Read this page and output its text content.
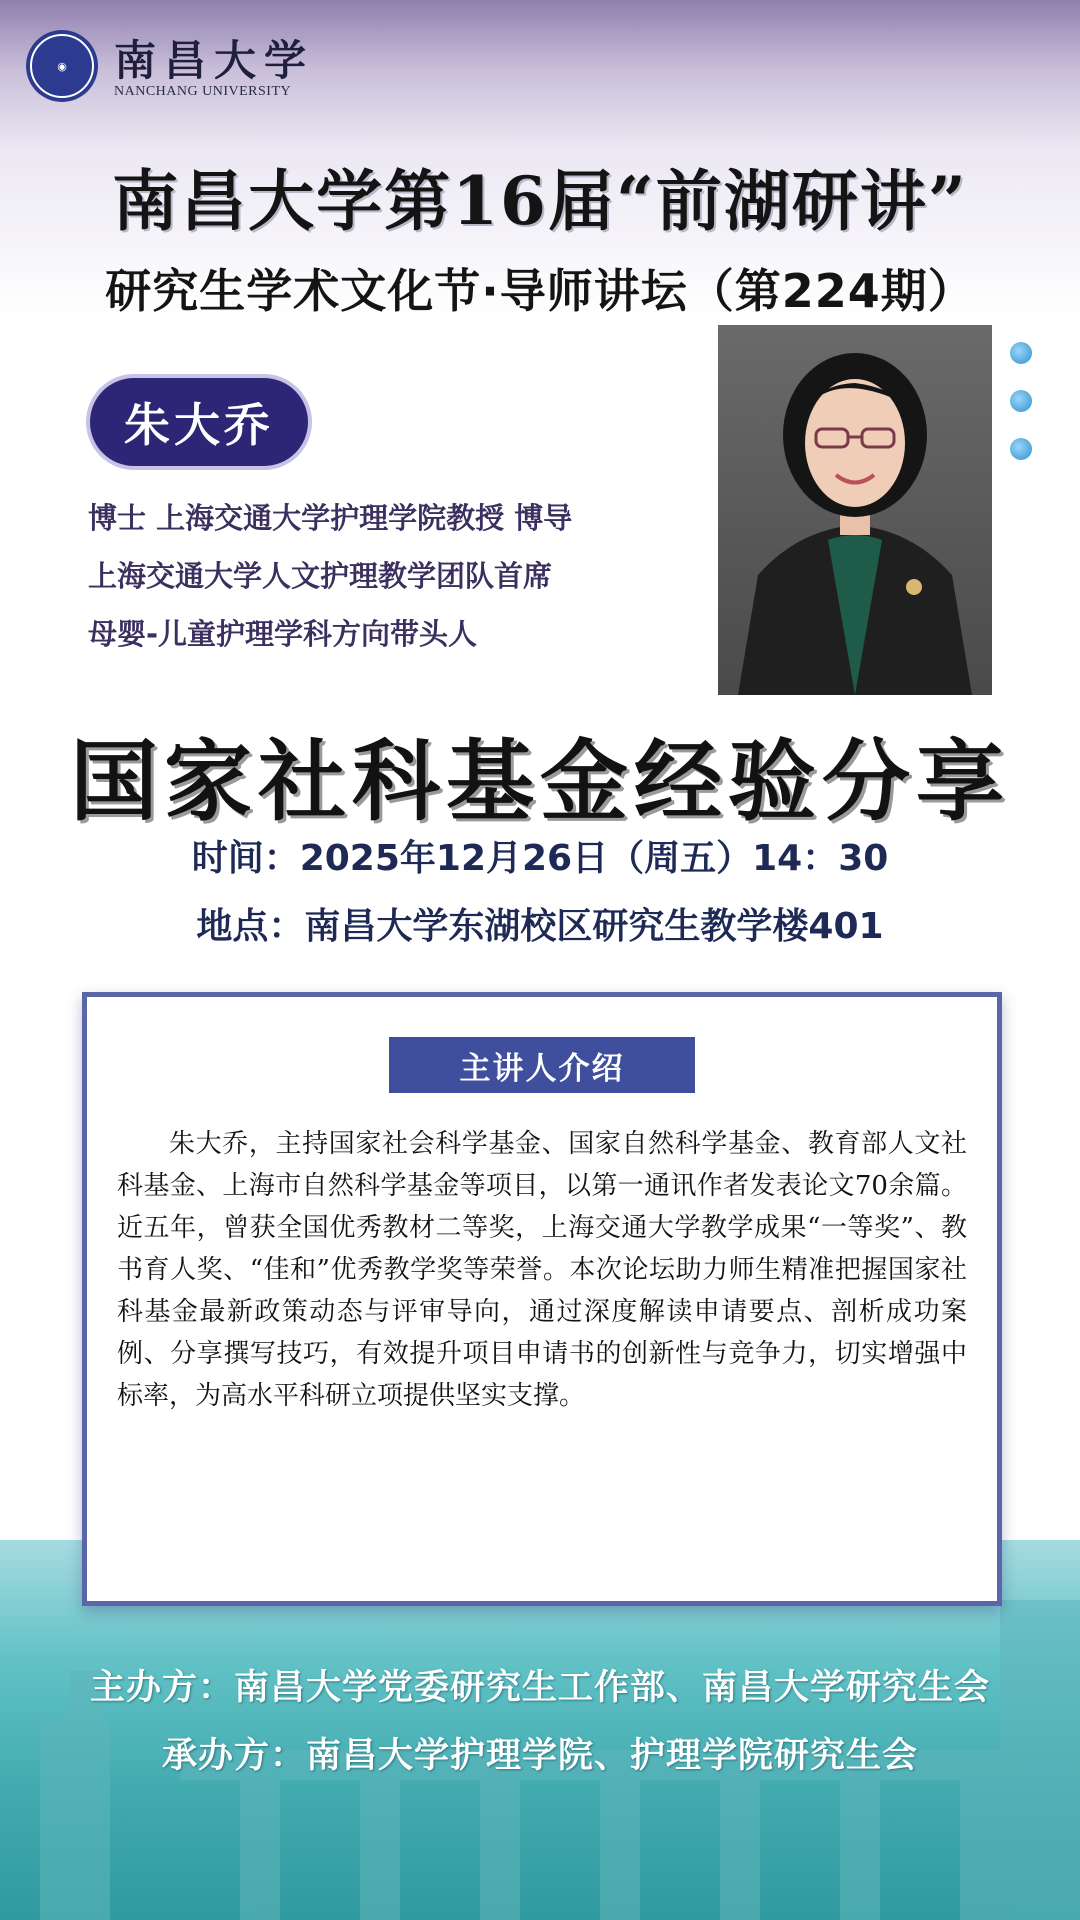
◉	南昌大学
NANCHANG UNIVERSITY
南昌大学第16届“前湖研讲”
研究生学术文化节·导师讲坛（第224期）
朱大乔
博士 上海交通大学护理学院教授 博导
上海交通大学人文护理教学团队首席
母婴-儿童护理学科方向带头人
国家社科基金经验分享
时间：2025年12月26日（周五）14：30
地点：南昌大学东湖校区研究生教学楼401
主讲人介绍
朱大乔，主持国家社会科学基金、国家自然科学基金、教育部人文社科基金、上海市自然科学基金等项目，以第一通讯作者发表论文70余篇。近五年，曾获全国优秀教材二等奖，上海交通大学教学成果“一等奖”、教书育人奖、“佳和”优秀教学奖等荣誉。本次论坛助力师生精准把握国家社科基金最新政策动态与评审导向，通过深度解读申请要点、剖析成功案例、分享撰写技巧，有效提升项目申请书的创新性与竞争力，切实增强中标率，为高水平科研立项提供坚实支撑。
主办方：南昌大学党委研究生工作部、南昌大学研究生会
承办方：南昌大学护理学院、护理学院研究生会
